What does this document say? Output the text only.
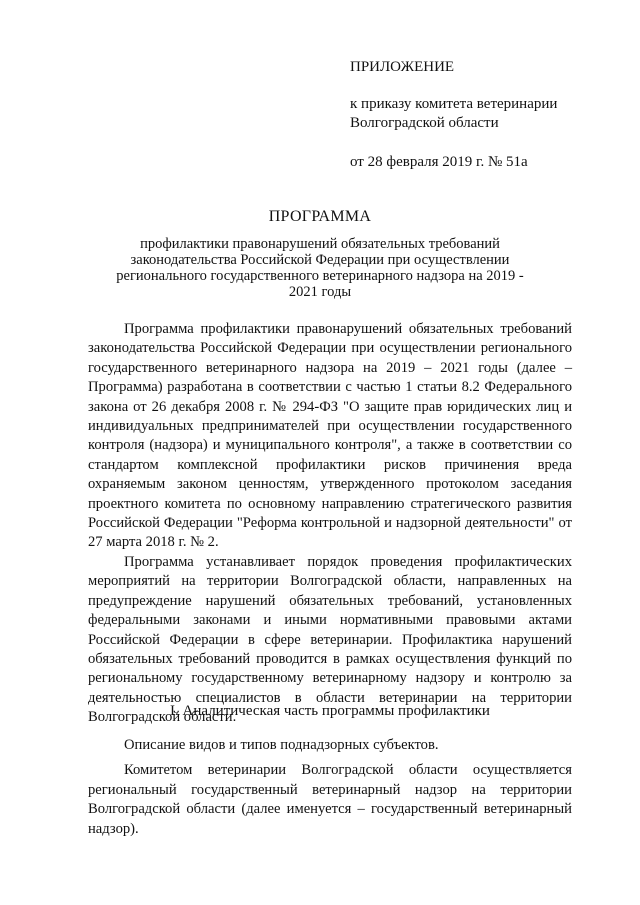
ПРИЛОЖЕНИЕ
к приказу комитета ветеринарии
Волгоградской области
от 28 февраля 2019 г. № 51а
ПРОГРАММА
профилактики правонарушений обязательных требований законодательства Российской Федерации при осуществлении регионального государственного ветеринарного надзора на 2019 - 2021 годы

Программа профилактики правонарушений обязательных требований законодательства Российской Федерации при осуществлении регионального государственного ветеринарного надзора на 2019 – 2021 годы (далее – Программа) разработана в соответствии с частью 1 статьи 8.2 Федерального закона от 26 декабря 2008 г. № 294-ФЗ "О защите прав юридических лиц и индивидуальных предпринимателей при осуществлении государственного контроля (надзора) и муниципального контроля", а также в соответствии со стандартом комплексной профилактики рисков причинения вреда охраняемым законом ценностям, утвержденного протоколом заседания проектного комитета по основному направлению стратегического развития Российской Федерации "Реформа контрольной и надзорной деятельности" от 27 марта 2018 г. № 2.

Программа устанавливает порядок проведения профилактических мероприятий на территории Волгоградской области, направленных на предупреждение нарушений обязательных требований, установленных федеральными законами и иными нормативными правовыми актами Российской Федерации в сфере ветеринарии. Профилактика нарушений обязательных требований проводится в рамках осуществления функций по региональному государственному ветеринарному надзору и контролю за деятельностью специалистов в области ветеринарии на территории Волгоградской области.

I. Аналитическая часть программы профилактики

Описание видов и типов поднадзорных субъектов.

Комитетом ветеринарии Волгоградской области осуществляется региональный государственный ветеринарный надзор на территории Волгоградской области (далее именуется – государственный ветеринарный надзор).
